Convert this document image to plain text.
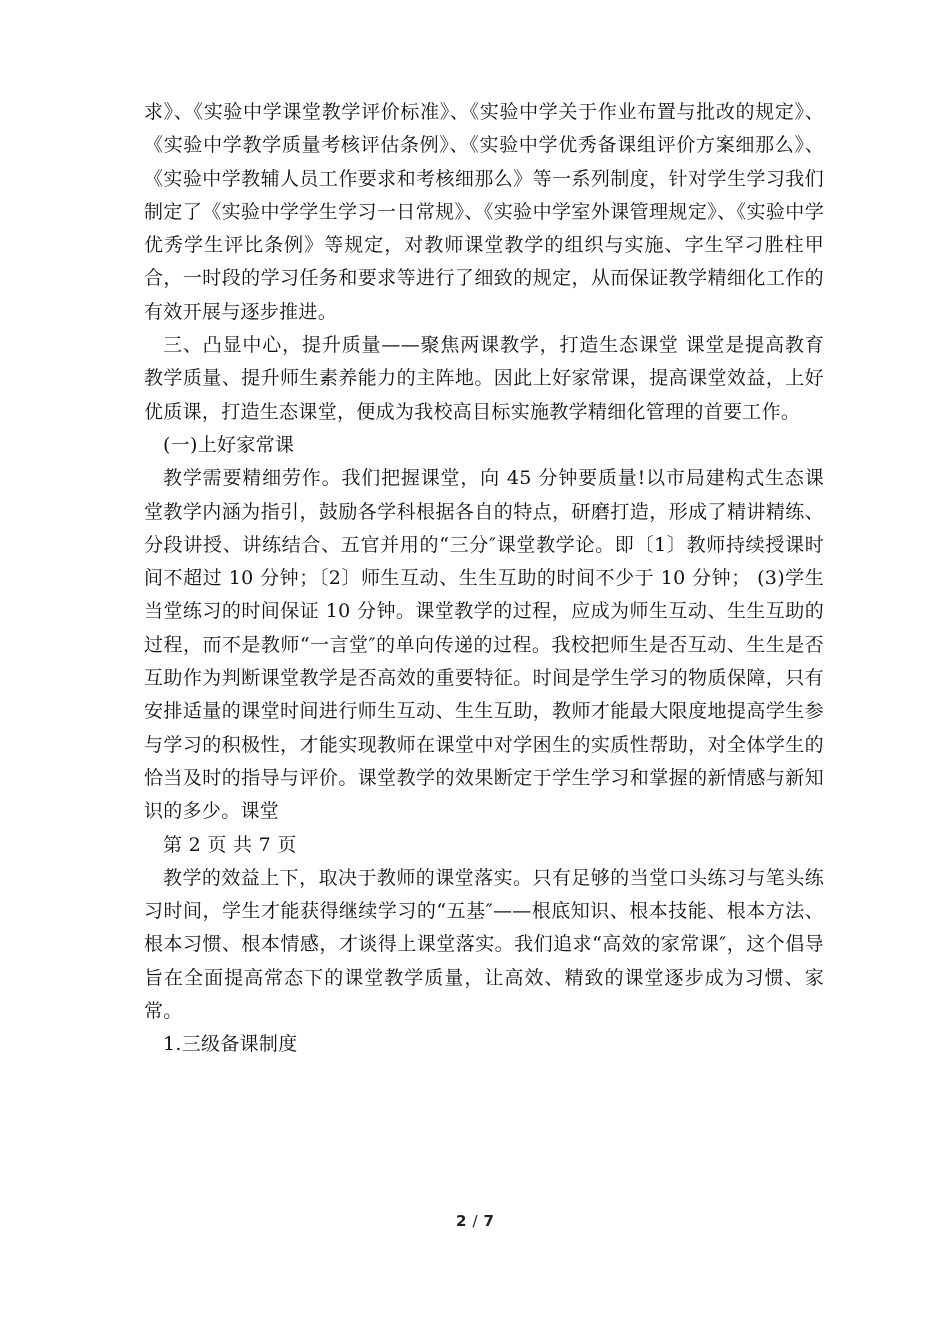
求》、《实验中学课堂教学评价标准》、《实验中学关于作业布置与批改的规定》、《实验中学教学质量考核评估条例》、《实验中学优秀备课组评价方案细那么》、《实验中学教辅人员工作要求和考核细那么》等一系列制度，针对学生学习我们制定了《实验中学学生学习一日常规》、《实验中学室外课管理规定》、《实验中学优秀学生评比条例》等规定，对教师课堂教学的组织与实施、字生罕刁胜柱甲合，一时段的学习任务和要求等进行了细致的规定，从而保证教学精细化工作的有效开展与逐步推进。

三、凸显中心，提升质量——聚焦两课教学，打造生态课堂 课堂是提高教育教学质量、提升师生素养能力的主阵地。因此上好家常课，提高课堂效益，上好优质课，打造生态课堂，便成为我校高目标实施教学精细化管理的首要工作。

(一)上好家常课

教学需要精细劳作。我们把握课堂，向 45 分钟要质量!以市局建构式生态课堂教学内涵为指引，鼓励各学科根据各自的特点，研磨打造，形成了精讲精练、分段讲授、讲练结合、五官并用的“三分″课堂教学论。即〔1〕教师持续授课时间不超过 10 分钟；〔2〕师生互动、生生互助的时间不少于 10 分钟； (3)学生当堂练习的时间保证 10 分钟。课堂教学的过程，应成为师生互动、生生互助的过程，而不是教师“一言堂″的单向传递的过程。我校把师生是否互动、生生是否互助作为判断课堂教学是否高效的重要特征。时间是学生学习的物质保障，只有安排适量的课堂时间进行师生互动、生生互助，教师才能最大限度地提高学生参与学习的积极性，才能实现教师在课堂中对学困生的实质性帮助，对全体学生的恰当及时的指导与评价。课堂教学的效果断定于学生学习和掌握的新情感与新知识的多少。课堂

第 2 页 共 7 页

教学的效益上下，取决于教师的课堂落实。只有足够的当堂口头练习与笔头练习时间，学生才能获得继续学习的“五基″——根底知识、根本技能、根本方法、根本习惯、根本情感，才谈得上课堂落实。我们追求“高效的家常课″，这个倡导旨在全面提高常态下的课堂教学质量，让高效、精致的课堂逐步成为习惯、家常。

1.三级备课制度

2 / 7
